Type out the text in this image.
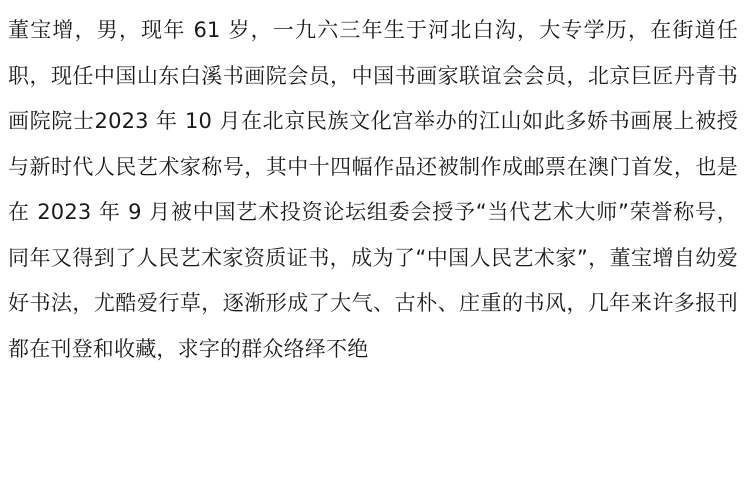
董宝增，男，现年 61 岁，一九六三年生于河北白沟，大专学历，在街道任职，现任中国山东白溪书画院会员，中国书画家联谊会会员，北京巨匠丹青书画院院士2023 年 10 月在北京民族文化宫举办的江山如此多娇书画展上被授与新时代人民艺术家称号，其中十四幅作品还被制作成邮票在澳门首发，也是在 2023 年 9 月被中国艺术投资论坛组委会授予“当代艺术大师”荣誉称号，同年又得到了人民艺术家资质证书，成为了“中国人民艺术家”，董宝增自幼爱好书法，尤酷爱行草，逐渐形成了大气、古朴、庄重的书风，几年来许多报刊都在刊登和收藏，求字的群众络绎不绝
